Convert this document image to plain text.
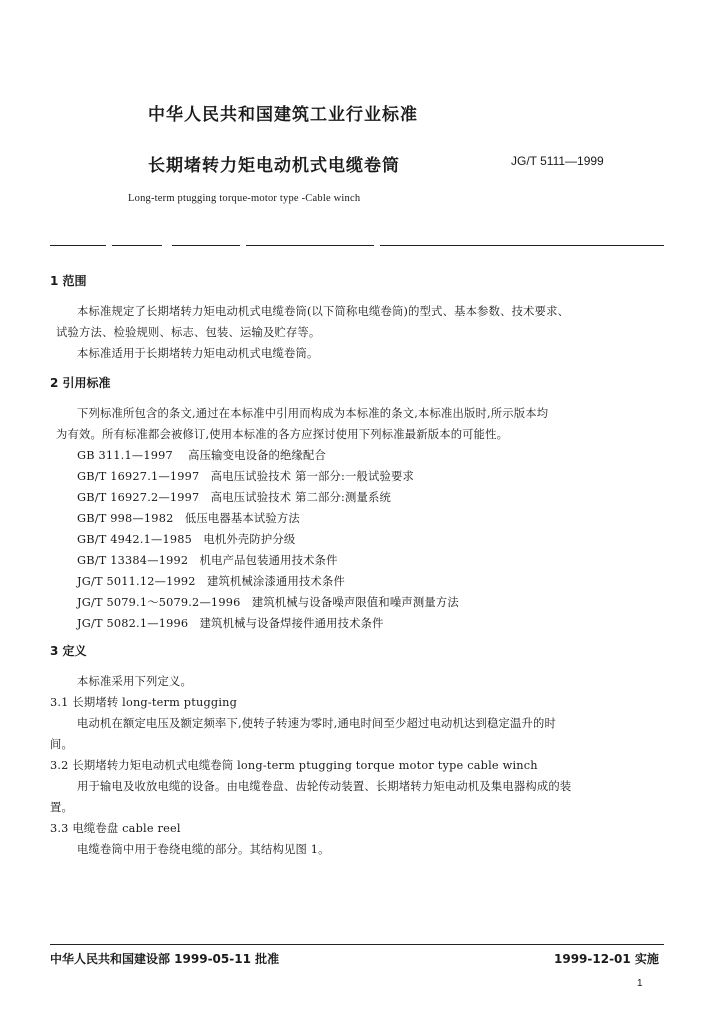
中华人民共和国建筑工业行业标准
长期堵转力矩电动机式电缆卷筒	JG/T 5111—1999
Long-term ptugging torque-motor type -Cable winch
1 范围
本标准规定了长期堵转力矩电动机式电缆卷筒(以下简称电缆卷筒)的型式、基本参数、技术要求、
试验方法、检验规则、标志、包装、运输及贮存等。
本标准适用于长期堵转力矩电动机式电缆卷筒。
2 引用标准
下列标准所包含的条文,通过在本标准中引用而构成为本标准的条文,本标准出版时,所示版本均
为有效。所有标准都会被修订,使用本标准的各方应探讨使用下列标准最新版本的可能性。
GB 311.1—1997 高压输变电设备的绝缘配合
GB/T 16927.1—1997 高电压试验技术 第一部分:一般试验要求
GB/T 16927.2—1997 高电压试验技术 第二部分:测量系统
GB/T 998—1982 低压电器基本试验方法
GB/T 4942.1—1985 电机外壳防护分级
GB/T 13384—1992 机电产品包装通用技术条件
JG/T 5011.12—1992 建筑机械涂漆通用技术条件
JG/T 5079.1～5079.2—1996 建筑机械与设备噪声限值和噪声测量方法
JG/T 5082.1—1996 建筑机械与设备焊接件通用技术条件
3 定义
本标准采用下列定义。
3.1 长期堵转 long-term ptugging
电动机在额定电压及额定频率下,使转子转速为零时,通电时间至少超过电动机达到稳定温升的时
间。
3.2 长期堵转力矩电动机式电缆卷筒 long-term ptugging torque motor type cable winch
用于输电及收放电缆的设备。由电缆卷盘、齿轮传动装置、长期堵转力矩电动机及集电器构成的装
置。
3.3 电缆卷盘 cable reel
电缆卷筒中用于卷绕电缆的部分。其结构见图 1。
中华人民共和国建设部 1999-05-11 批准	1999-12-01 实施
1
